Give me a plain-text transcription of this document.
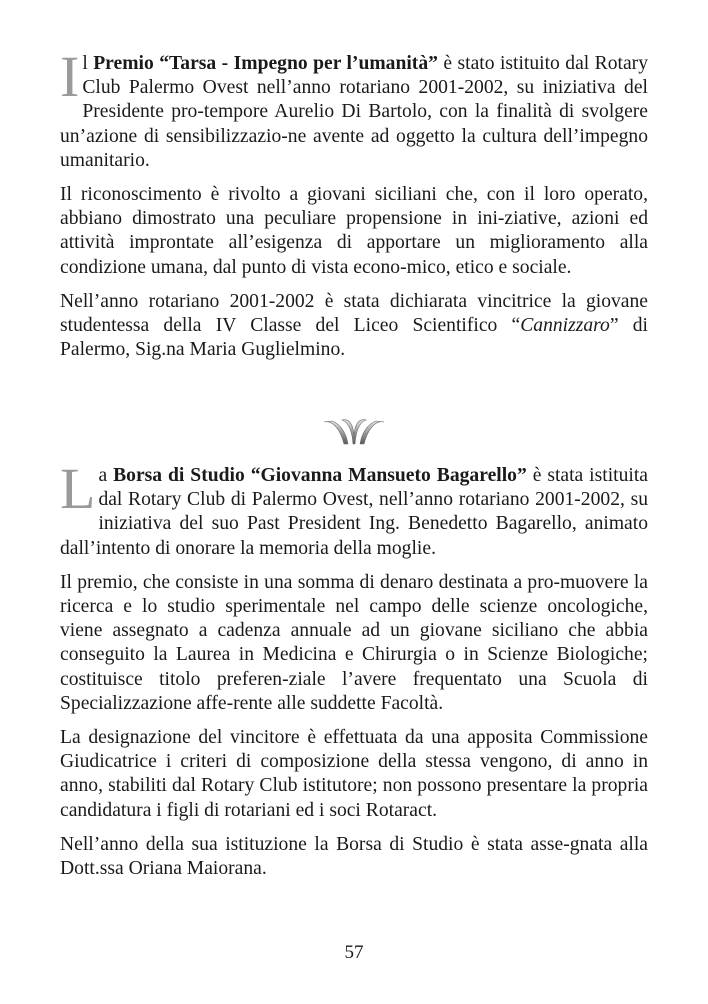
Il Premio “Tarsa - Impegno per l’umanità” è stato istituito dal Rotary Club Palermo Ovest nell’anno rotariano 2001-2002, su iniziativa del Presidente pro-tempore Aurelio Di Bartolo, con la finalità di svolgere un’azione di sensibilizzazio-ne avente ad oggetto la cultura dell’impegno umanitario.

Il riconoscimento è rivolto a giovani siciliani che, con il loro operato, abbiano dimostrato una peculiare propensione in ini-ziative, azioni ed attività improntate all’esigenza di apportare un miglioramento alla condizione umana, dal punto di vista econo-mico, etico e sociale.

Nell’anno rotariano 2001-2002 è stata dichiarata vincitrice la giovane studentessa della IV Classe del Liceo Scientifico “Cannizzaro” di Palermo, Sig.na Maria Guglielmino.

La Borsa di Studio “Giovanna Mansueto Bagarello” è stata istituita dal Rotary Club di Palermo Ovest, nell’anno rotariano 2001-2002, su iniziativa del suo Past President Ing. Benedetto Bagarello, animato dall’intento di onorare la memoria della moglie.

Il premio, che consiste in una somma di denaro destinata a pro-muovere la ricerca e lo studio sperimentale nel campo delle scienze oncologiche, viene assegnato a cadenza annuale ad un giovane siciliano che abbia conseguito la Laurea in Medicina e Chirurgia o in Scienze Biologiche; costituisce titolo preferen-ziale l’avere frequentato una Scuola di Specializzazione affe-rente alle suddette Facoltà.

La designazione del vincitore è effettuata da una apposita Commissione Giudicatrice i criteri di composizione della stessa vengono, di anno in anno, stabiliti dal Rotary Club istitutore; non possono presentare la propria candidatura i figli di rotariani ed i soci Rotaract.

Nell’anno della sua istituzione la Borsa di Studio è stata asse-gnata alla Dott.ssa Oriana Maiorana.

57
